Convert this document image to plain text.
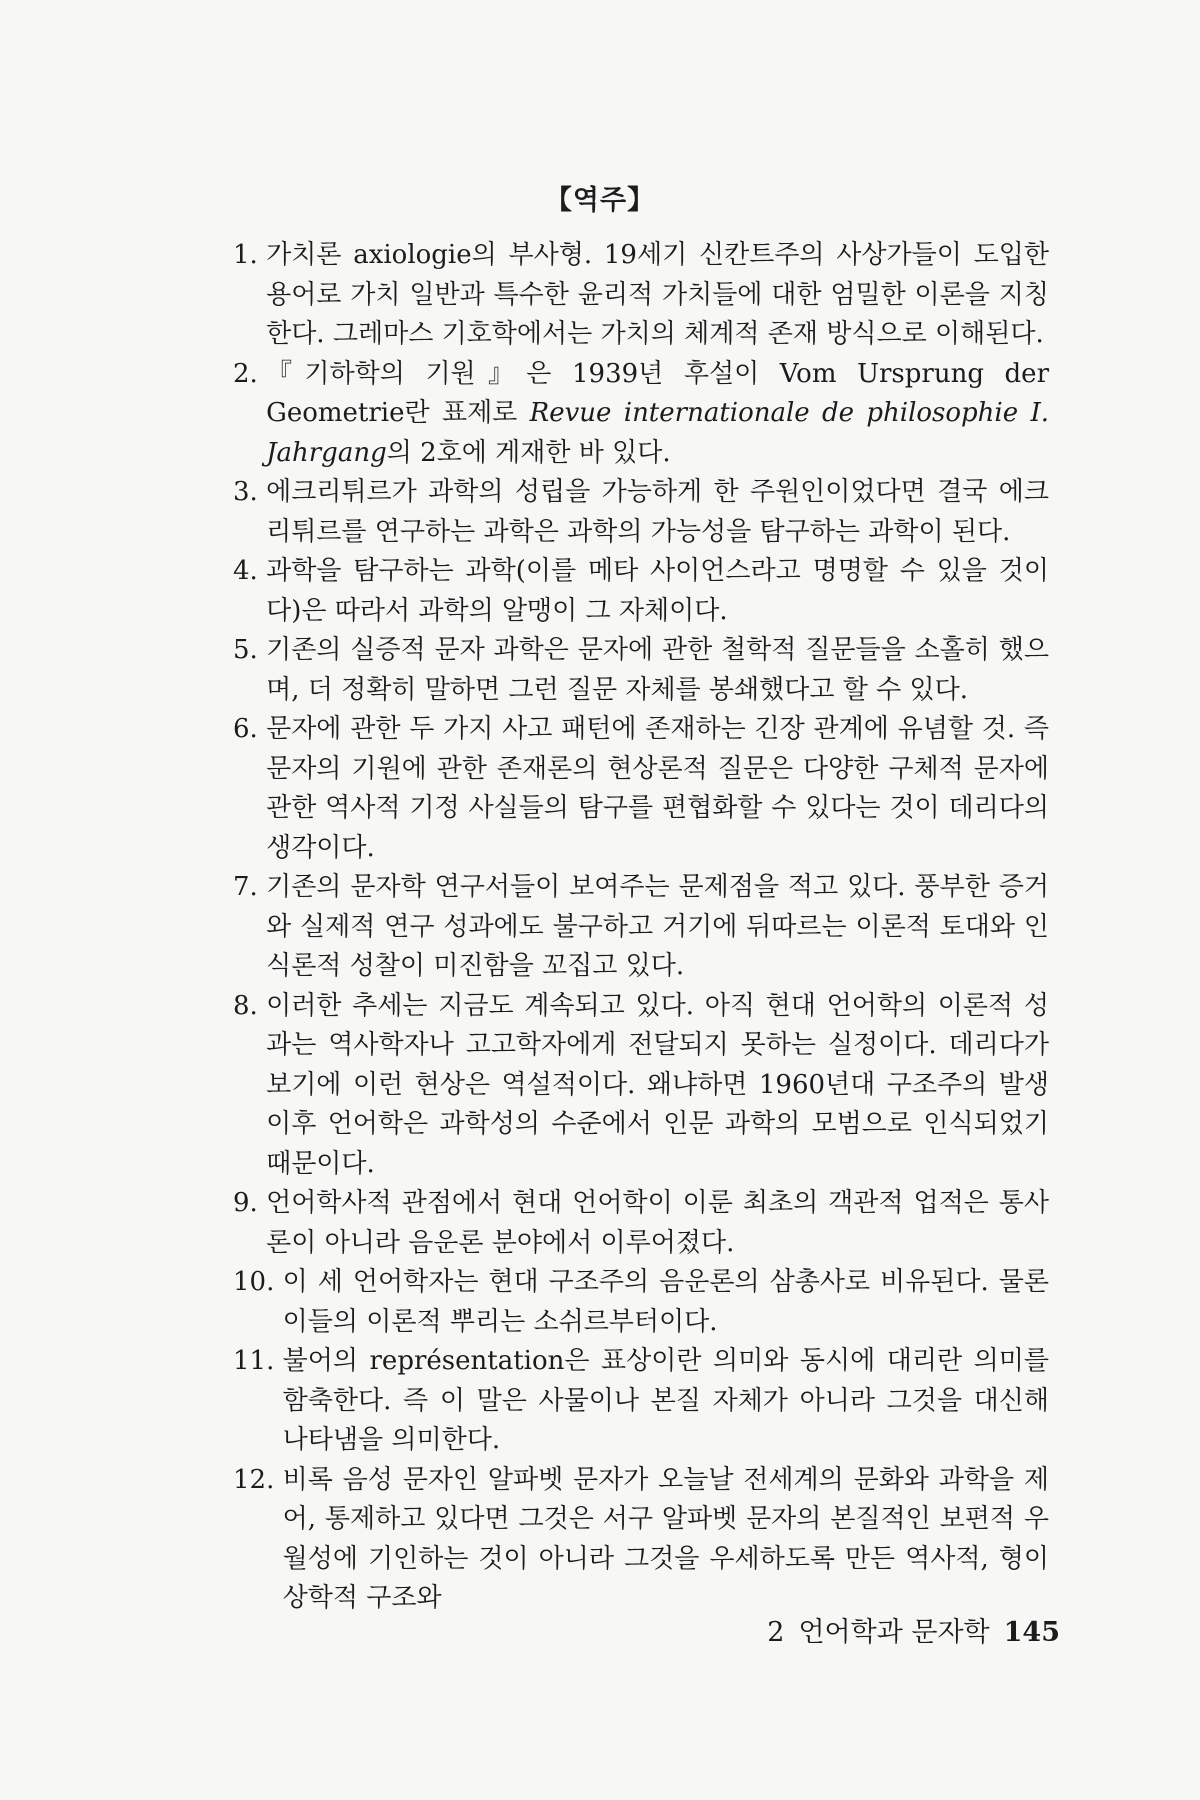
【역주】
1. 가치론 axiologie의 부사형. 19세기 신칸트주의 사상가들이 도입한 용어로 가치 일반과 특수한 윤리적 가치들에 대한 엄밀한 이론을 지칭한다. 그레마스 기호학에서는 가치의 체계적 존재 방식으로 이해된다.
2. 『기하학의 기원』은 1939년 후설이 Vom Ursprung der Geometrie란 표제로 Revue internationale de philosophie I. Jahrgang의 2호에 게재한 바 있다.
3. 에크리튀르가 과학의 성립을 가능하게 한 주원인이었다면 결국 에크리튀르를 연구하는 과학은 과학의 가능성을 탐구하는 과학이 된다.
4. 과학을 탐구하는 과학(이를 메타 사이언스라고 명명할 수 있을 것이다)은 따라서 과학의 알맹이 그 자체이다.
5. 기존의 실증적 문자 과학은 문자에 관한 철학적 질문들을 소홀히 했으며, 더 정확히 말하면 그런 질문 자체를 봉쇄했다고 할 수 있다.
6. 문자에 관한 두 가지 사고 패턴에 존재하는 긴장 관계에 유념할 것. 즉 문자의 기원에 관한 존재론의 현상론적 질문은 다양한 구체적 문자에 관한 역사적 기정 사실들의 탐구를 편협화할 수 있다는 것이 데리다의 생각이다.
7. 기존의 문자학 연구서들이 보여주는 문제점을 적고 있다. 풍부한 증거와 실제적 연구 성과에도 불구하고 거기에 뒤따르는 이론적 토대와 인식론적 성찰이 미진함을 꼬집고 있다.
8. 이러한 추세는 지금도 계속되고 있다. 아직 현대 언어학의 이론적 성과는 역사학자나 고고학자에게 전달되지 못하는 실정이다. 데리다가 보기에 이런 현상은 역설적이다. 왜냐하면 1960년대 구조주의 발생 이후 언어학은 과학성의 수준에서 인문 과학의 모범으로 인식되었기 때문이다.
9. 언어학사적 관점에서 현대 언어학이 이룬 최초의 객관적 업적은 통사론이 아니라 음운론 분야에서 이루어졌다.
10. 이 세 언어학자는 현대 구조주의 음운론의 삼총사로 비유된다. 물론 이들의 이론적 뿌리는 소쉬르부터이다.
11. 불어의 représentation은 표상이란 의미와 동시에 대리란 의미를 함축한다. 즉 이 말은 사물이나 본질 자체가 아니라 그것을 대신해 나타냄을 의미한다.
12. 비록 음성 문자인 알파벳 문자가 오늘날 전세계의 문화와 과학을 제어, 통제하고 있다면 그것은 서구 알파벳 문자의 본질적인 보편적 우월성에 기인하는 것이 아니라 그것을 우세하도록 만든 역사적, 형이상학적 구조와
2 언어학과 문자학 145
